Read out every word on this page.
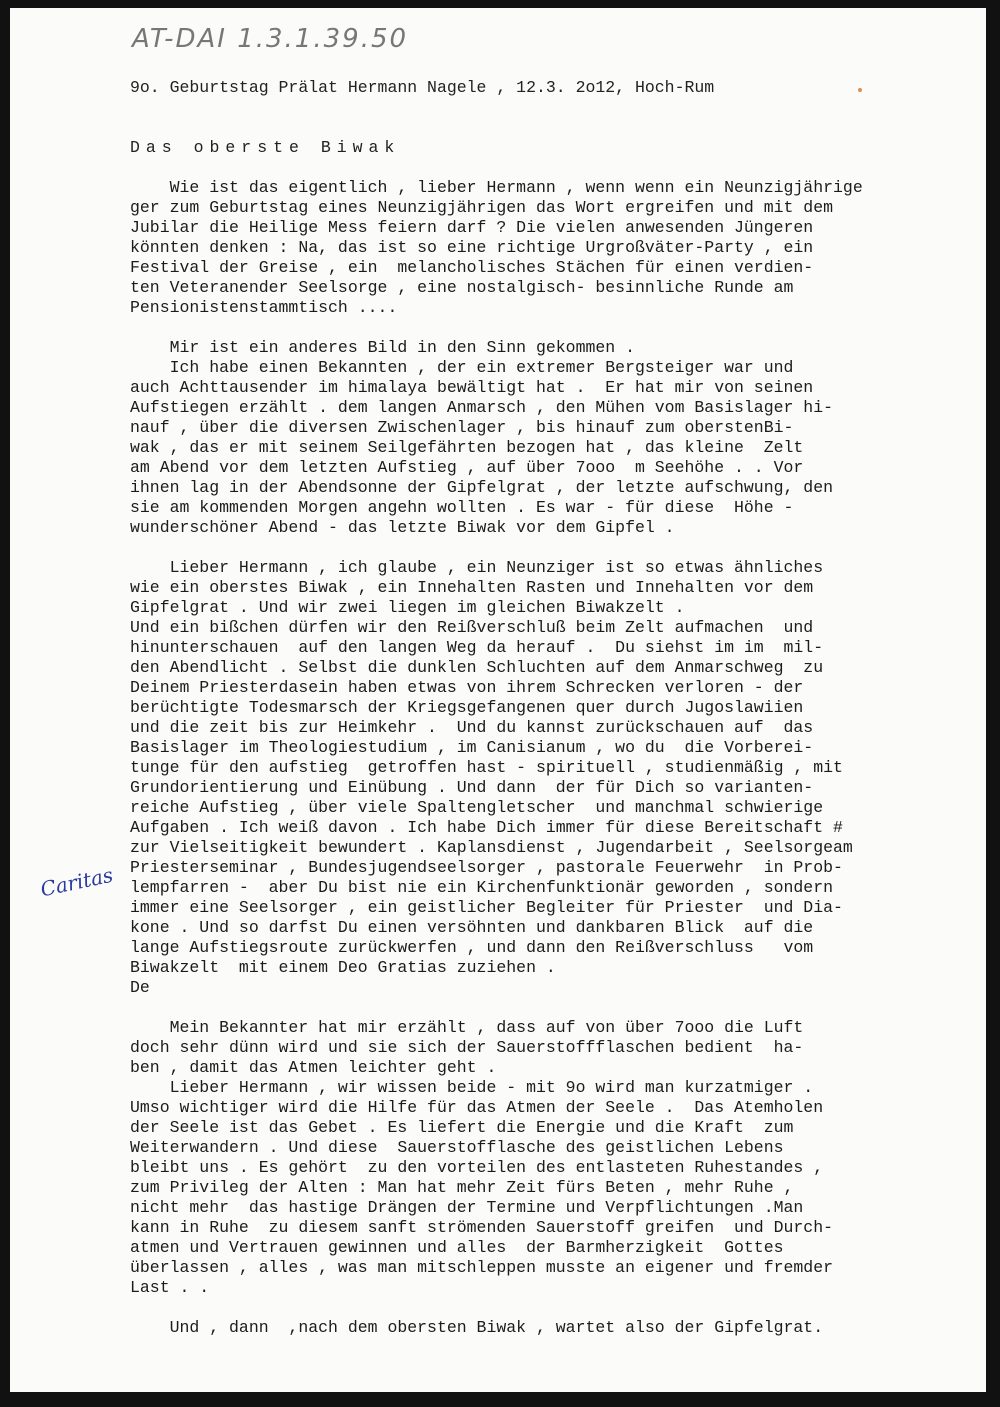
AT-DAI 1.3.1.39.50
9o. Geburtstag Prälat Hermann Nagele , 12.3. 2o12, Hoch-Rum
Das oberste Biwak
Caritas
Wie ist das eigentlich , lieber Hermann , wenn wenn ein Neunzigjährige
ger zum Geburtstag eines Neunzigjährigen das Wort ergreifen und mit dem
Jubilar die Heilige Mess feiern darf ? Die vielen anwesenden Jüngeren
könnten denken : Na, das ist so eine richtige Urgroßväter-Party , ein
Festival der Greise , ein  melancholisches Stächen für einen verdien-
ten Veteranender Seelsorge , eine nostalgisch- besinnliche Runde am
Pensionistenstammtisch ....
Mir ist ein anderes Bild in den Sinn gekommen .
Ich habe einen Bekannten , der ein extremer Bergsteiger war und
auch Achttausender im himalaya bewältigt hat .  Er hat mir von seinen
Aufstiegen erzählt . dem langen Anmarsch , den Mühen vom Basislager hi-
nauf , über die diversen Zwischenlager , bis hinauf zum oberstenBi-
wak , das er mit seinem Seilgefährten bezogen hat , das kleine  Zelt
am Abend vor dem letzten Aufstieg , auf über 7ooo  m Seehöhe . . Vor
ihnen lag in der Abendsonne der Gipfelgrat , der letzte aufschwung, den
sie am kommenden Morgen angehn wollten . Es war - für diese  Höhe -
wunderschöner Abend - das letzte Biwak vor dem Gipfel .
Lieber Hermann , ich glaube , ein Neunziger ist so etwas ähnliches
wie ein oberstes Biwak , ein Innehalten Rasten und Innehalten vor dem
Gipfelgrat . Und wir zwei liegen im gleichen Biwakzelt .
Und ein bißchen dürfen wir den Reißverschluß beim Zelt aufmachen  und
hinunterschauen  auf den langen Weg da herauf .  Du siehst im im  mil-
den Abendlicht . Selbst die dunklen Schluchten auf dem Anmarschweg  zu
Deinem Priesterdasein haben etwas von ihrem Schrecken verloren - der
berüchtigte Todesmarsch der Kriegsgefangenen quer durch Jugoslawiien
und die zeit bis zur Heimkehr .  Und du kannst zurückschauen auf  das
Basislager im Theologiestudium , im Canisianum , wo du  die Vorberei-
tunge für den aufstieg  getroffen hast - spirituell , studienmäßig , mit
Grundorientierung und Einübung . Und dann  der für Dich so varianten-
reiche Aufstieg , über viele Spaltengletscher  und manchmal schwierige
Aufgaben . Ich weiß davon . Ich habe Dich immer für diese Bereitschaft #
zur Vielseitigkeit bewundert . Kaplansdienst , Jugendarbeit , Seelsorgeam
Priesterseminar , Bundesjugendseelsorger , pastorale Feuerwehr  in Prob-
lempfarren -  aber Du bist nie ein Kirchenfunktionär geworden , sondern
immer eine Seelsorger , ein geistlicher Begleiter für Priester  und Dia-
kone . Und so darfst Du einen versöhnten und dankbaren Blick  auf die
lange Aufstiegsroute zurückwerfen , und dann den Reißverschluss   vom
Biwakzelt  mit einem Deo Gratias zuziehen .
De
Mein Bekannter hat mir erzählt , dass auf von über 7ooo die Luft
doch sehr dünn wird und sie sich der Sauerstoffflaschen bedient  ha-
ben , damit das Atmen leichter geht .
Lieber Hermann , wir wissen beide - mit 9o wird man kurzatmiger .
Umso wichtiger wird die Hilfe für das Atmen der Seele .  Das Atemholen
der Seele ist das Gebet . Es liefert die Energie und die Kraft  zum
Weiterwandern . Und diese  Sauerstofflasche des geistlichen Lebens
bleibt uns . Es gehört  zu den vorteilen des entlasteten Ruhestandes ,
zum Privileg der Alten : Man hat mehr Zeit fürs Beten , mehr Ruhe ,
nicht mehr  das hastige Drängen der Termine und Verpflichtungen .Man
kann in Ruhe  zu diesem sanft strömenden Sauerstoff greifen  und Durch-
atmen und Vertrauen gewinnen und alles  der Barmherzigkeit  Gottes
überlassen , alles , was man mitschleppen musste an eigener und fremder
Last . .
Und , dann  ,nach dem obersten Biwak , wartet also der Gipfelgrat.
